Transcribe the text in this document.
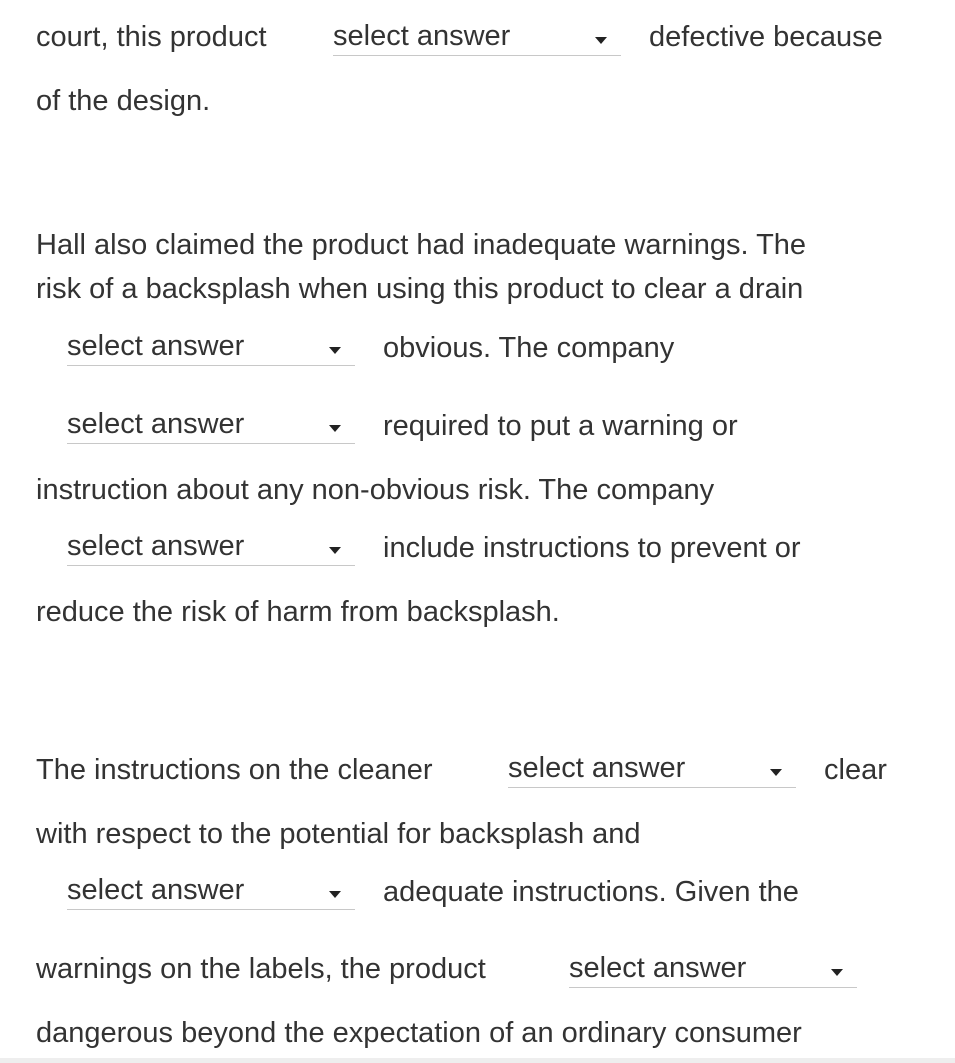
court, this product select answer	defective because
of the design.
Hall also claimed the product had inadequate warnings. The
risk of a backsplash when using this product to clear a drain
select answer	obvious. The company
select answer	required to put a warning or
instruction about any non-obvious risk. The company
select answer	include instructions to prevent or
reduce the risk of harm from backsplash.
The instructions on the cleaner	select answer	clear
with respect to the potential for backsplash and
select answer	adequate instructions. Given the
warnings on the labels, the product	select answer
dangerous beyond the expectation of an ordinary consumer
